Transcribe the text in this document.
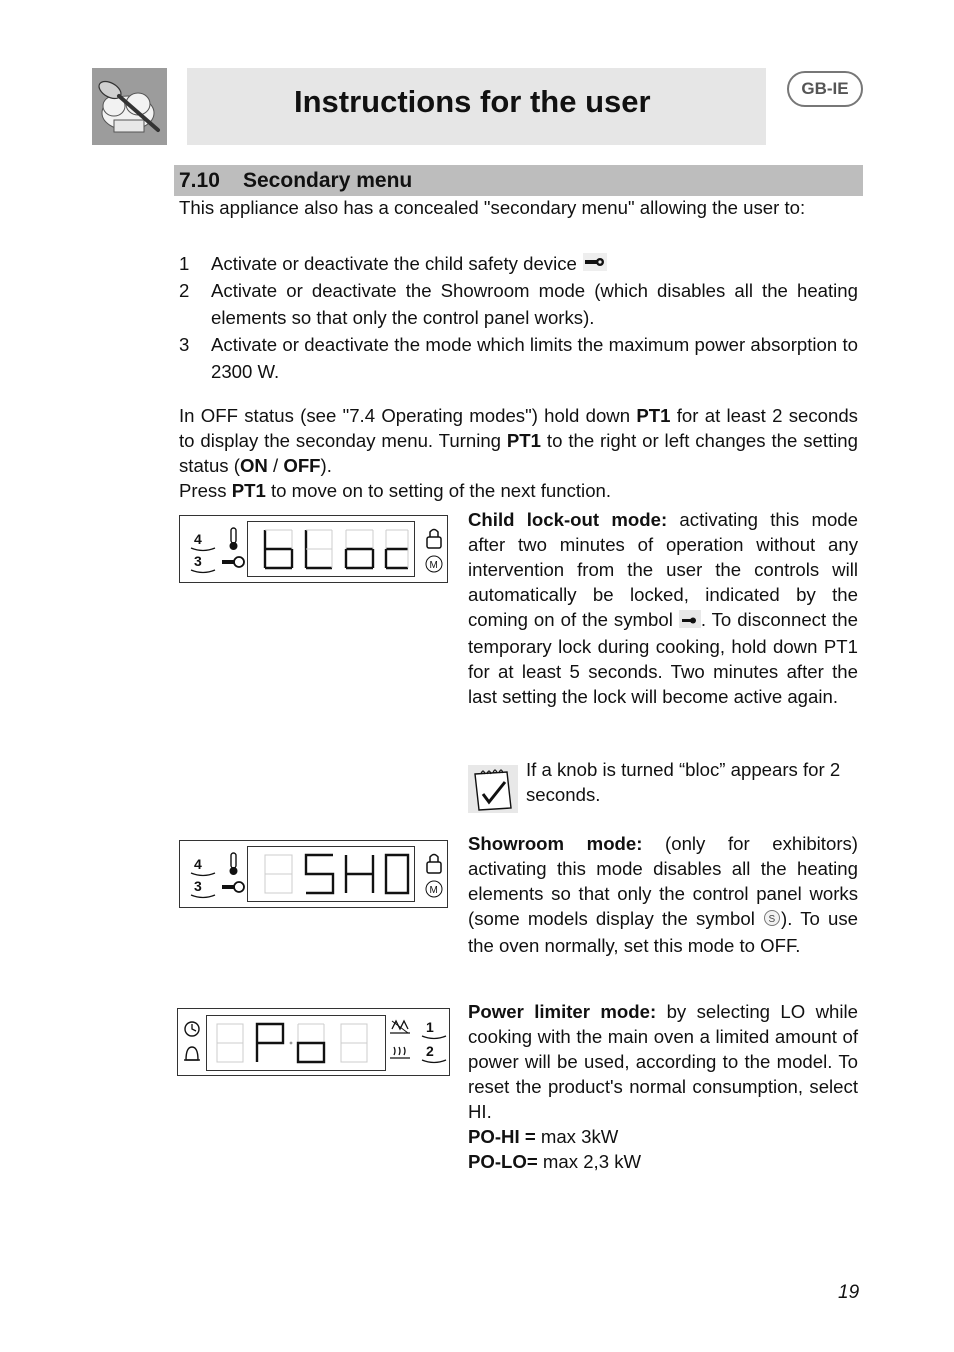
Instructions for the user	GB-IE
7.10 Secondary menu

This appliance also has a concealed "secondary menu" allowing the user to:

1 Activate or deactivate the child safety device
2 Activate or deactivate the Showroom mode (which disables all the heating elements so that only the control panel works).
3 Activate or deactivate the mode which limits the maximum power absorption to 2300 W.

In OFF status (see "7.4 Operating modes") hold down PT1 for at least 2 seconds to display the seconday menu. Turning PT1 to the right or left changes the setting status (ON / OFF).

Press PT1 to move on to setting of the next function.

4
3	M

Child lock-out mode: activating this mode after two minutes of operation without any intervention from the user the controls will automatically be locked, indicated by the coming on of the symbol . To disconnect the temporary lock during cooking, hold down PT1 for at least 5 seconds. Two minutes after the last setting the lock will become active again.

If a knob is turned “bloc” appears for 2 seconds.

4
3	M

Showroom mode: (only for exhibitors) activating this mode disables all the heating elements so that only the control panel works (some models display the symbol S ). To use the oven normally, set this mode to OFF.

1
2

Power limiter mode: by selecting LO while cooking with the main oven a limited amount of power will be used, according to the model. To reset the product's normal consumption, select HI.

PO-HI = max 3kW

PO-LO= max 2,3 kW

19
